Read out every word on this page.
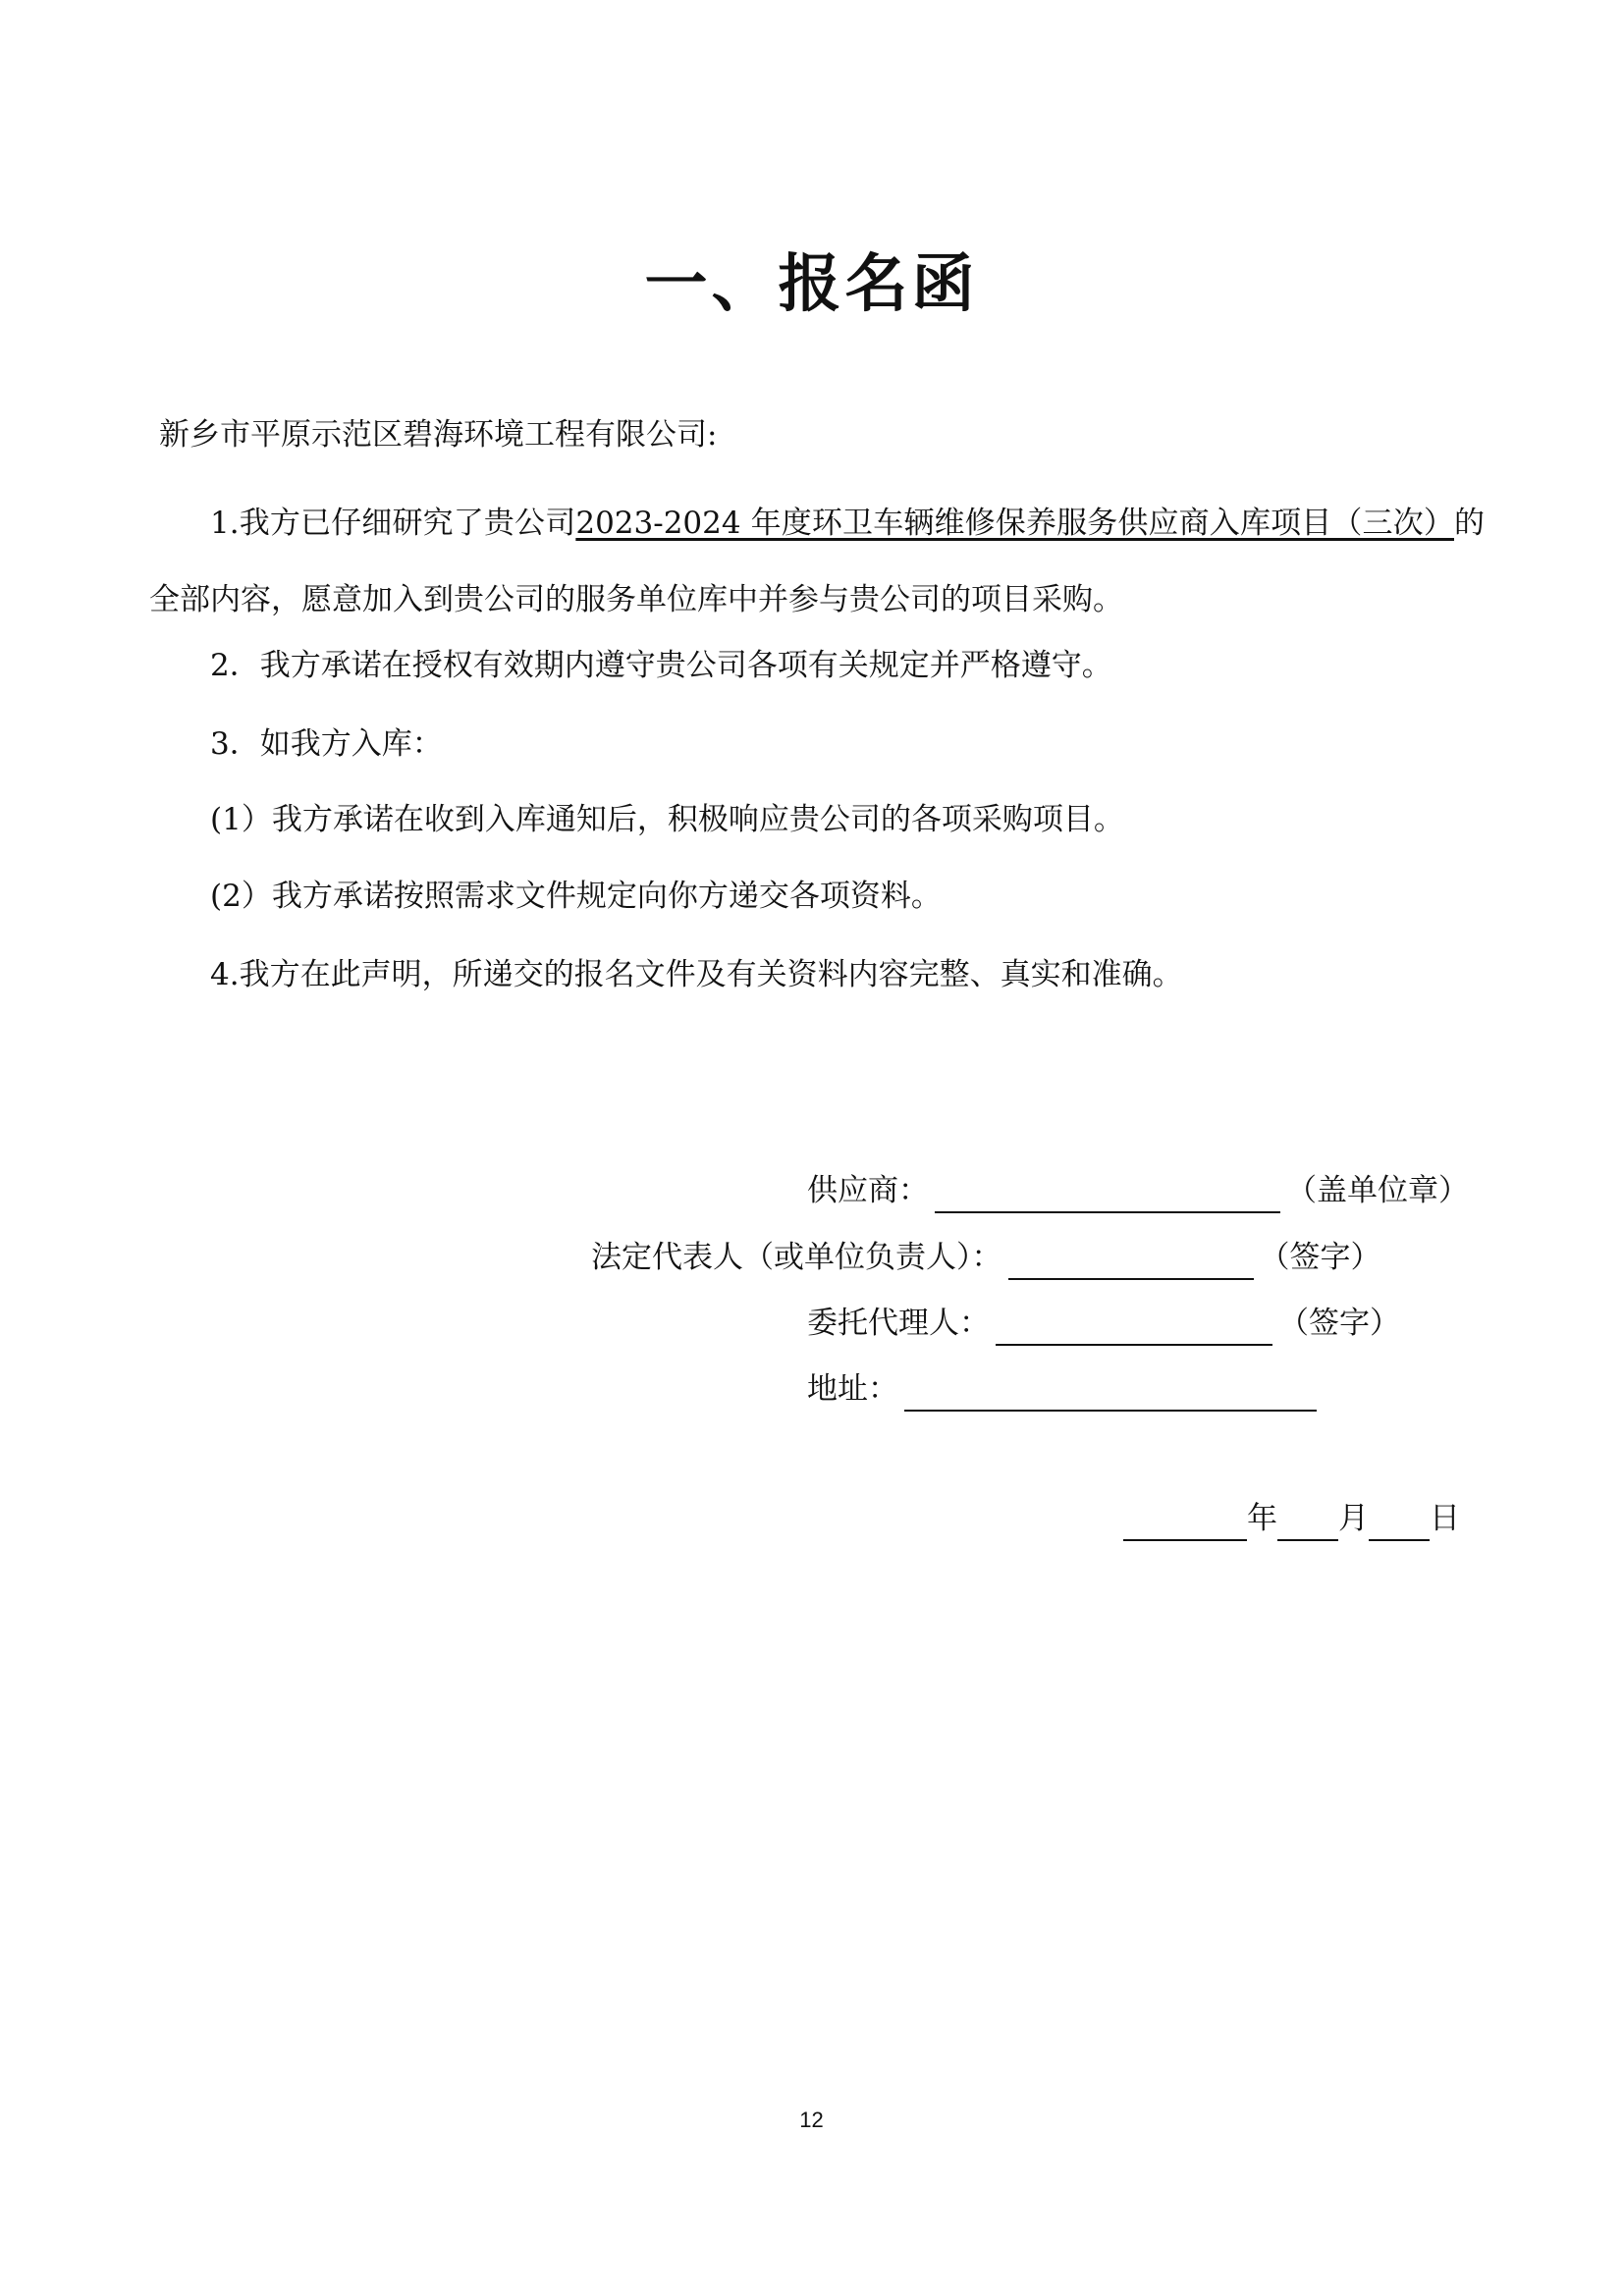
一、报名函
新乡市平原示范区碧海环境工程有限公司:
1.我方已仔细研究了贵公司2023-2024 年度环卫车辆维修保养服务供应商入库项目（三次）的全部内容，愿意加入到贵公司的服务单位库中并参与贵公司的项目采购。
2．我方承诺在授权有效期内遵守贵公司各项有关规定并严格遵守。
3．如我方入库：
(1）我方承诺在收到入库通知后，积极响应贵公司的各项采购项目。
(2）我方承诺按照需求文件规定向你方递交各项资料。
4.我方在此声明，所递交的报名文件及有关资料内容完整、真实和准确。
供应商：	（盖单位章）
法定代表人（或单位负责人）：	（签字）
委托代理人：	（签字）
地址：
年 月 日
12
